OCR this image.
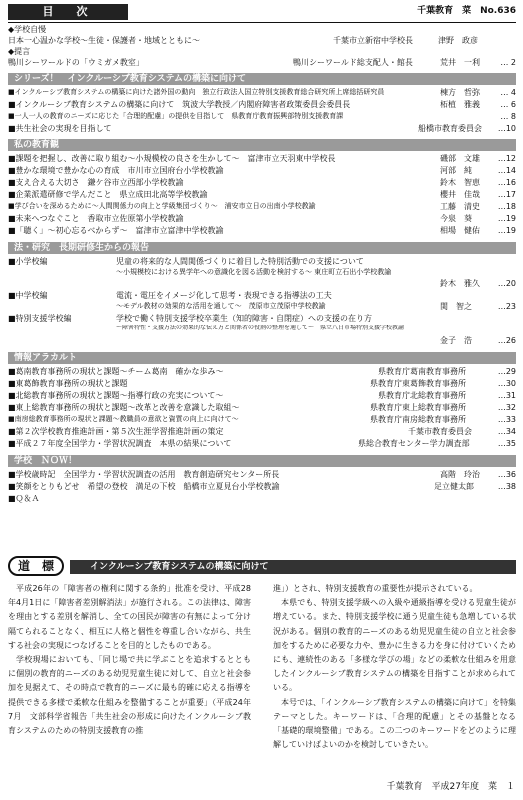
目　次	千葉教育　菜　No.636
◆学校自慢
日本一心温かな学校～生徒・保護者・地域とともに～	千葉市立新宿中学校長	津野　政彦
◆提言
鴨川シーワールドの「ウミガメ教室」	鴨川シーワールド総支配人・館長	荒井　一利	… 2
シリーズ！　インクルーシブ教育システムの構築に向けて
■インクルーシブ教育システムの構築に向けた諸外国の動向　独立行政法人国立特別支援教育総合研究所上席総括研究員	棟方　哲弥	… 4
■インクルーシブ教育システムの構築に向けて　筑波大学教授／内閣府障害者政策委員会委員長	柘植　雅義	… 6
■一人一人の教育のニーズに応じた「合理的配慮」の提供を目指して　県教育庁教育振興部特別支援教育課	… 8
■共生社会の実現を目指して	船橋市教育委員会 …10
私の教育観
■課題を把握し、改善に取り組む～小規模校の良さを生かして～　富津市立天羽東中学校長	磯部　文雄 …12
■豊かな環境で豊かな心の育成　市川市立国府台小学校教諭	河部　純	…14
■支え合える大切さ　鎌ケ谷市立西部小学校教諭	鈴木　智恵 …16
■企業派遣研修で学んだこと　県立成田北高等学校教諭	櫻井　佳哉 …17
■学び合いを深めるために～人間関係力の向上と学級集団づくり～　浦安市立日の出南小学校教諭	工藤　清史 …18
■未来へつなぐこと　香取市立佐原第小学校教諭	今泉　葵	…19
■「聴く」～初心忘るべからず～　富津市立富津中学校教諭	相場　健佑 …19
法・研究　長期研修生からの報告
■小学校編	児童の将来的な人間関係づくりに着目した特別活動での支援について
～小規模校における異学年への意識化を図る活動を検討する～ 東庄町立石出小学校教諭
鈴木　雅久 …20
■中学校編	電流・電圧をイメージ化して思考・表現できる指導法の工夫
～モデル教材の効果的な活用を通して～　茂原市立茂原中学校教諭	関　智之	…23
■特別支援学校編	学校で働く特別支援学校卒業生（知的障害・自閉症）への支援の在り方
～障害特性・支援方法の効果的な伝え方と関係者の役割の整理を通して～　県立八日市場特別支援学校教諭
金子　浩	…26
情報アラカルト
■葛南教育事務所の現状と課題～チーム葛南　確かな歩み～	県教育庁葛南教育事務所	…29
■東葛飾教育事務所の現状と課題	県教育庁東葛飾教育事務所	…30
■北総教育事務所の現状と課題～指導行政の充実について～	県教育庁北総教育事務所	…31
■東上総教育事務所の現状と課題～改革と改善を意識した取組～	県教育庁東上総教育事務所	…32
■南房総教育事務所の現状と課題～教職員の意欲と資質の向上に向けて～	県教育庁南房総教育事務所	…33
■第２次学校教育推進計画・第５次生涯学習推進計画の策定	千葉市教育委員会	…34
■平成２７年度全国学力・学習状況調査　本県の結果について	県総合教育センター学力調査部	…35
学校　ＮＯＷ！
■学校歳時記　全国学力・学習状況調査の活用　教育創造研究センター所長	高階　玲治 …36
■笑顔をとりもどせ　希望の登校　満足の下校　船橋市立夏見台小学校教諭	足立健太郎	…38
■Ｑ＆Ａ
道　標	インクルーシブ教育システムの構築に向けて

平成26年の「障害者の権利に関する条約」批准を受け、平成28年4月1日に「障害者差別解消法」が施行される。この法律は、障害を理由とする差別を解消し、全ての国民が障害の有無によって分け隔てられることなく、相互に人格と個性を尊重し合いながら、共生する社会の実現につなげることを目的としたものである。

学校現場においても、「同じ場で共に学ぶことを追求するとともに個別の教育的ニーズのある幼児児童生徒に対して、自立と社会参加を見据えて、その時点で教育的ニーズに最も的確に応える指導を提供できる多様で柔軟な仕組みを整備することが重要」（平成24年7月　文部科学省報告「共生社会の形成に向けたインクルーシブ教育システムのための特別支援教育の推

進」）とされ、特別支援教育の重要性が提示されている。

本県でも、特別支援学級への入級や通級指導を受ける児童生徒が増えている。また、特別支援学校に通う児童生徒も急増している状況がある。個別の教育的ニーズのある幼児児童生徒の自立と社会参加をするために必要な力や、豊かに生きる力を身に付けていくためにも、連続性のある「多様な学びの場」などの柔軟な仕組みを用意したインクルーシブ教育システムの構築を目指すことが求められている。

本号では、「インクルーシブ教育システムの構築に向けて」を特集テーマとした。キーワードは、「合理的配慮」とその基盤となる「基礎的環境整備」である。この二つのキーワードをどのように理解していけばよいのかを検討していきたい。

千葉教育　平成27年度　菜　１
